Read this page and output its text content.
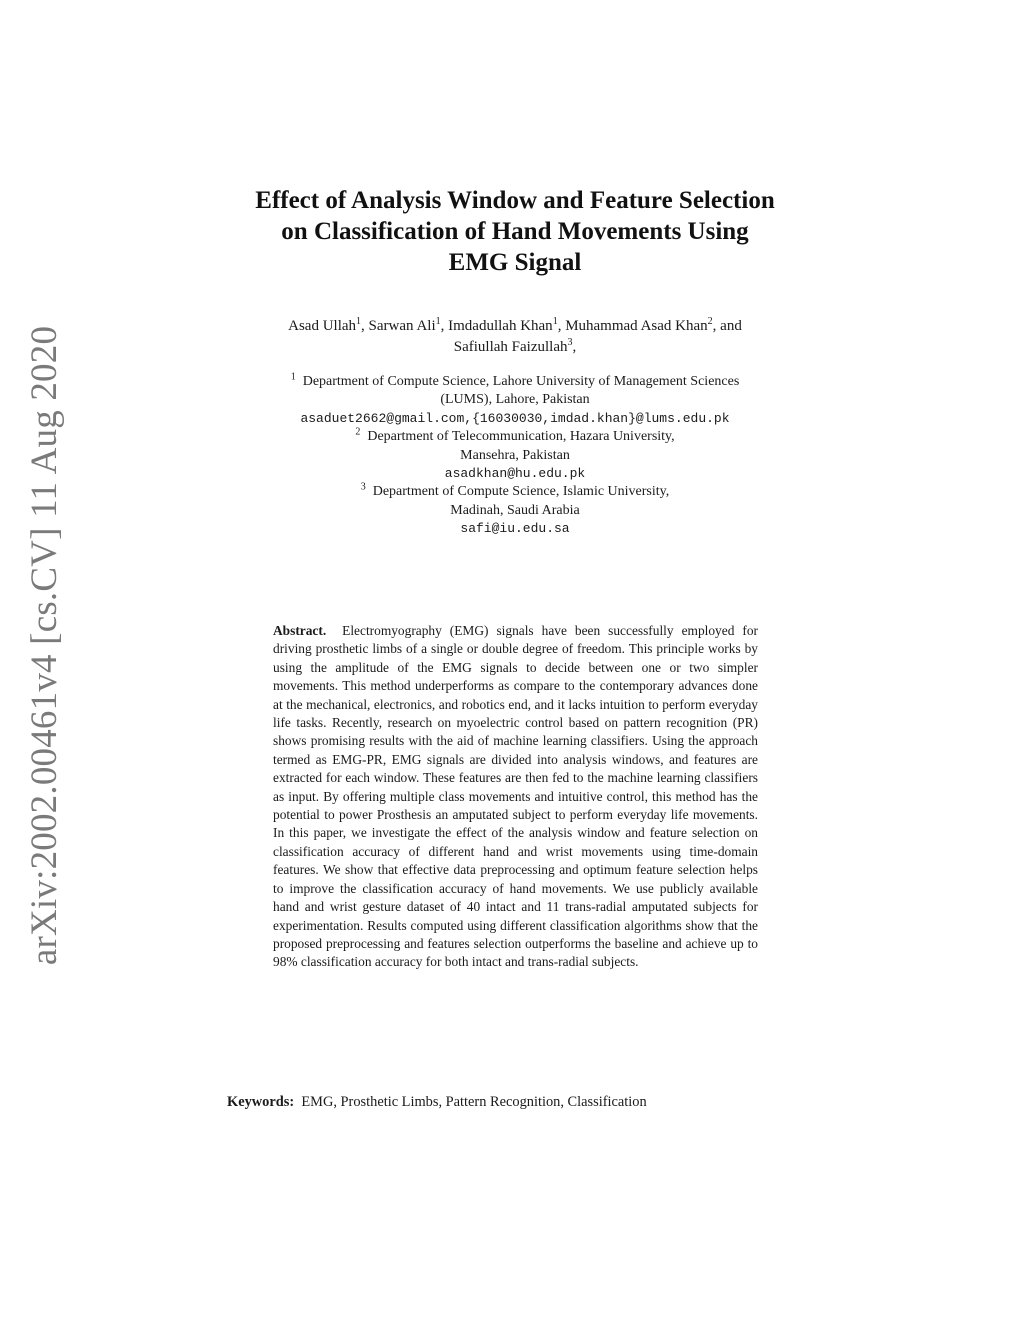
arXiv:2002.00461v4 [cs.CV] 11 Aug 2020
Effect of Analysis Window and Feature Selection
on Classification of Hand Movements Using
EMG Signal
Asad Ullah$^1$, Sarwan Ali$^1$, Imdadullah Khan$^1$, Muhammad Asad Khan$^2$, and
Safiullah Faizullah$^3$,
$^1$ Department of Compute Science, Lahore University of Management Sciences
(LUMS), Lahore, Pakistan
asaduet2662@gmail.com,{16030030,imdad.khan}@lums.edu.pk
$^2$ Department of Telecommunication, Hazara University,
Mansehra, Pakistan
asadkhan@hu.edu.pk
$^3$ Department of Compute Science, Islamic University,
Madinah, Saudi Arabia
safi@iu.edu.sa
Abstract. Electromyography (EMG) signals have been successfully employed for driving prosthetic limbs of a single or double degree of freedom. This principle works by using the amplitude of the EMG signals to decide between one or two simpler movements. This method underperforms as compare to the contemporary advances done at the mechanical, electronics, and robotics end, and it lacks intuition to perform everyday life tasks. Recently, research on myoelectric control based on pattern recognition (PR) shows promising results with the aid of machine learning classifiers. Using the approach termed as EMG-PR, EMG signals are divided into analysis windows, and features are extracted for each window. These features are then fed to the machine learning classifiers as input. By offering multiple class movements and intuitive control, this method has the potential to power Prosthesis an amputated subject to perform everyday life movements. In this paper, we investigate the effect of the analysis window and feature selection on classification accuracy of different hand and wrist movements using time-domain features. We show that effective data preprocessing and optimum feature selection helps to improve the classification accuracy of hand movements. We use publicly available hand and wrist gesture dataset of 40 intact and 11 trans-radial amputated subjects for experimentation. Results computed using different classification algorithms show that the proposed preprocessing and features selection outperforms the baseline and achieve up to 98% classification accuracy for both intact and trans-radial subjects.
Keywords: EMG, Prosthetic Limbs, Pattern Recognition, Classification
